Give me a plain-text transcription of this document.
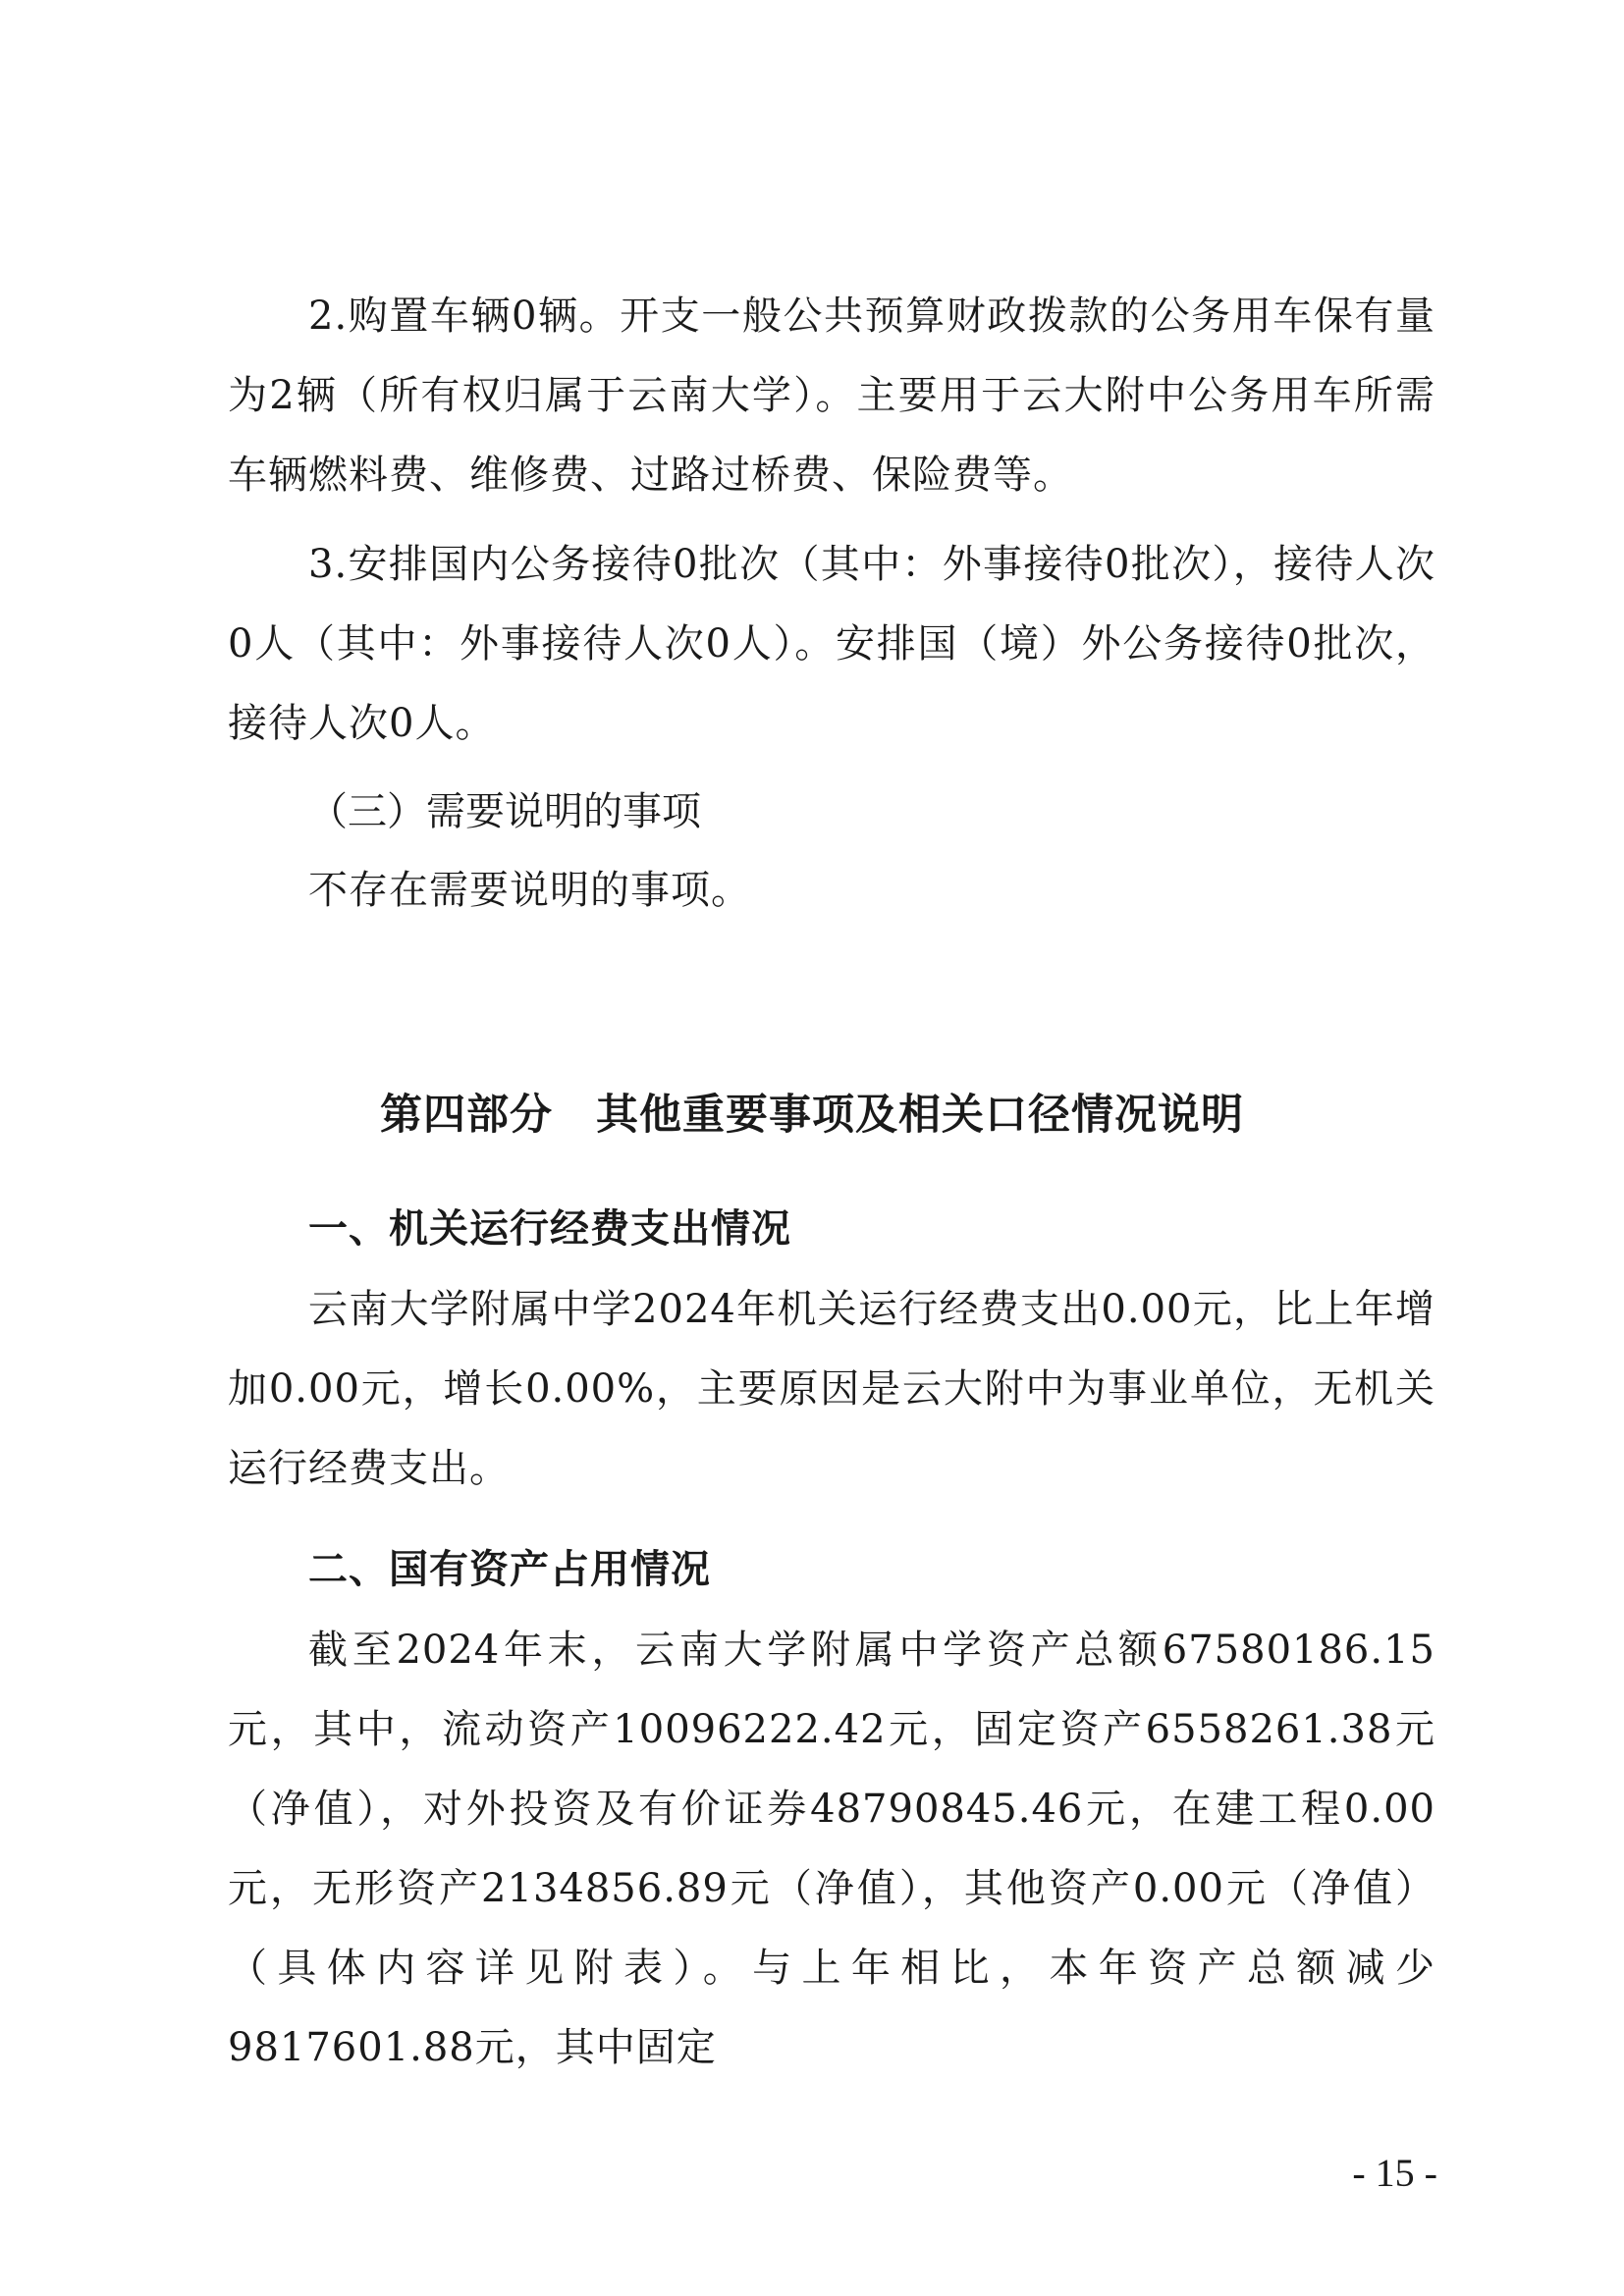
2.购置车辆0辆。开支一般公共预算财政拨款的公务用车保有量为2辆（所有权归属于云南大学）。主要用于云大附中公务用车所需车辆燃料费、维修费、过路过桥费、保险费等。

3.安排国内公务接待0批次（其中：外事接待0批次），接待人次0人（其中：外事接待人次0人）。安排国（境）外公务接待0批次，接待人次0人。

（三）需要说明的事项

不存在需要说明的事项。

第四部分　其他重要事项及相关口径情况说明
一、机关运行经费支出情况

云南大学附属中学2024年机关运行经费支出0.00元，比上年增加0.00元，增长0.00%，主要原因是云大附中为事业单位，无机关运行经费支出。

二、国有资产占用情况

截至2024年末，云南大学附属中学资产总额67580186.15元，其中，流动资产10096222.42元，固定资产6558261.38元（净值），对外投资及有价证券48790845.46元，在建工程0.00元，无形资产2134856.89元（净值），其他资产0.00元（净值）（具体内容详见附表）。与上年相比，本年资产总额减少9817601.88元，其中固定

- 15 -
